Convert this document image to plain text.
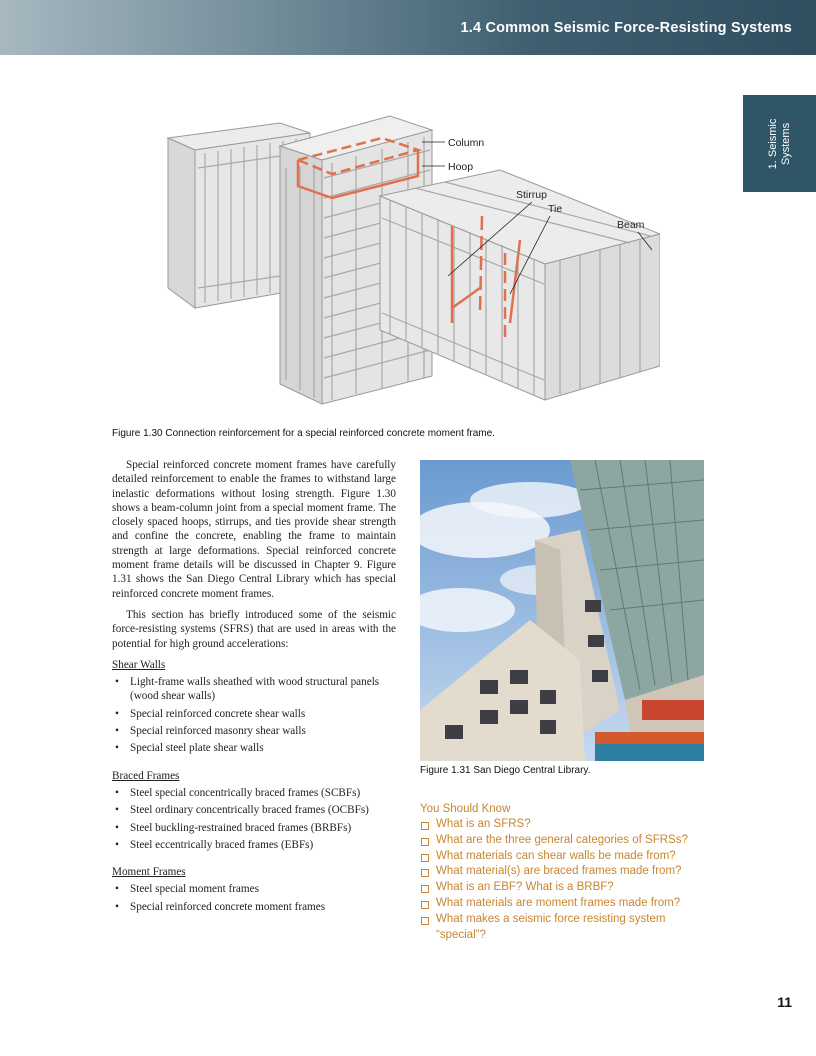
1.4 Common Seismic Force-Resisting Systems
1. Seismic Systems
Column
Hoop
Stirrup
Tie
Beam
Figure 1.30 Connection reinforcement for a special reinforced concrete moment frame.

Special reinforced concrete moment frames have carefully detailed reinforcement to enable the frames to withstand large inelastic deformations without losing strength. Figure 1.30 shows a beam-column joint from a special moment frame. The closely spaced hoops, stirrups, and ties provide shear strength and confine the concrete, enabling the frame to maintain strength at large deformations. Special reinforced concrete moment frame details will be discussed in Chapter 9. Figure 1.31 shows the San Diego Central Library which has special reinforced concrete moment frames.

This section has briefly introduced some of the seismic force-resisting systems (SFRS) that are used in areas with the potential for high ground accelerations:

Shear Walls
• Light-frame walls sheathed with wood structural panels (wood shear walls)
• Special reinforced concrete shear walls
• Special reinforced masonry shear walls
• Special steel plate shear walls
Braced Frames
• Steel special concentrically braced frames (SCBFs)
• Steel ordinary concentrically braced frames (OCBFs)
• Steel buckling-restrained braced frames (BRBFs)
• Steel eccentrically braced frames (EBFs)
Moment Frames
• Steel special moment frames
• Special reinforced concrete moment frames
Figure 1.31 San Diego Central Library.
You Should Know
What is an SFRS?
What are the three general categories of SFRSs?
What materials can shear walls be made from?
What material(s) are braced frames made from?
What is an EBF? What is a BRBF?
What materials are moment frames made from?
What makes a seismic force resisting system “special”?
11
